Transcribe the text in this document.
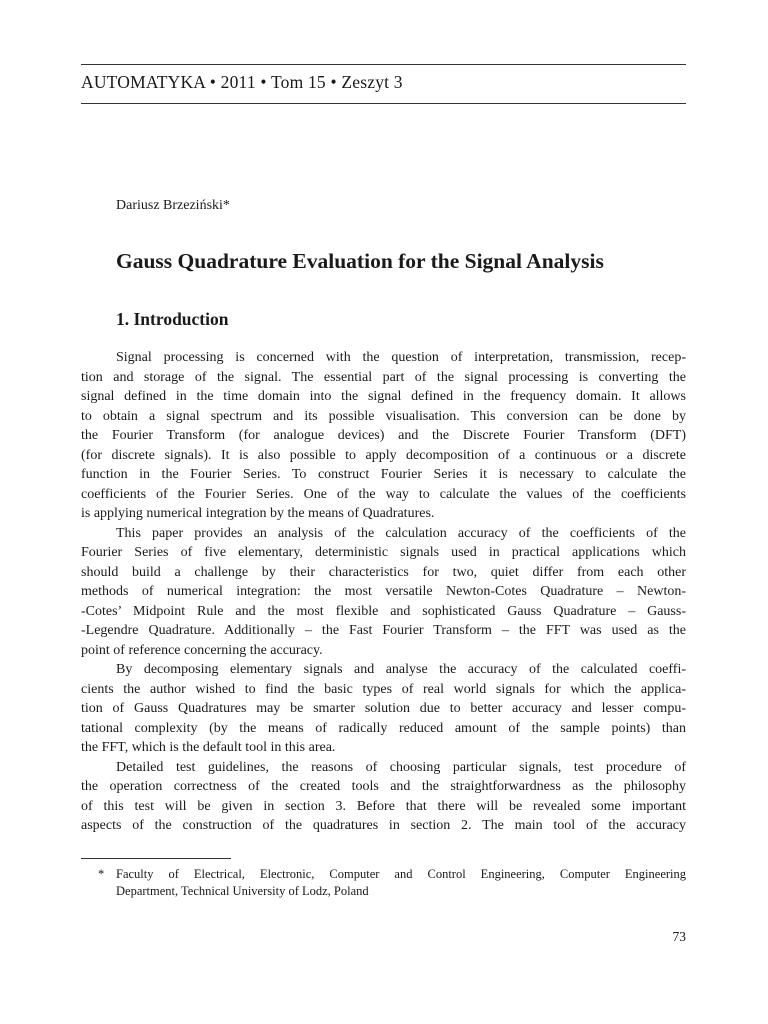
AUTOMATYKA • 2011 • Tom 15 • Zeszyt 3
Dariusz Brzeziński*
Gauss Quadrature Evaluation for the Signal Analysis
1. Introduction
Signal processing is concerned with the question of interpretation, transmission, recep-
tion and storage of the signal. The essential part of the signal processing is converting the
signal defined in the time domain into the signal defined in the frequency domain. It allows
to obtain a signal spectrum and its possible visualisation. This conversion can be done by
the Fourier Transform (for analogue devices) and the Discrete Fourier Transform (DFT)
(for discrete signals). It is also possible to apply decomposition of a continuous or a discrete
function in the Fourier Series. To construct Fourier Series it is necessary to calculate the
coefficients of the Fourier Series. One of the way to calculate the values of the coefficients
is applying numerical integration by the means of Quadratures.
This paper provides an analysis of the calculation accuracy of the coefficients of the
Fourier Series of five elementary, deterministic signals used in practical applications which
should build a challenge by their characteristics for two, quiet differ from each other
methods of numerical integration: the most versatile Newton-Cotes Quadrature – Newton-
-Cotes’ Midpoint Rule and the most flexible and sophisticated Gauss Quadrature – Gauss-
-Legendre Quadrature. Additionally – the Fast Fourier Transform – the FFT was used as the
point of reference concerning the accuracy.
By decomposing elementary signals and analyse the accuracy of the calculated coeffi-
cients the author wished to find the basic types of real world signals for which the applica-
tion of Gauss Quadratures may be smarter solution due to better accuracy and lesser compu-
tational complexity (by the means of radically reduced amount of the sample points) than
the FFT, which is the default tool in this area.
Detailed test guidelines, the reasons of choosing particular signals, test procedure of
the operation correctness of the created tools and the straightforwardness as the philosophy
of this test will be given in section 3. Before that there will be revealed some important
aspects of the construction of the quadratures in section 2. The main tool of the accuracy
* Faculty of Electrical, Electronic, Computer and Control Engineering, Computer Engineering
Department, Technical University of Lodz, Poland
73
